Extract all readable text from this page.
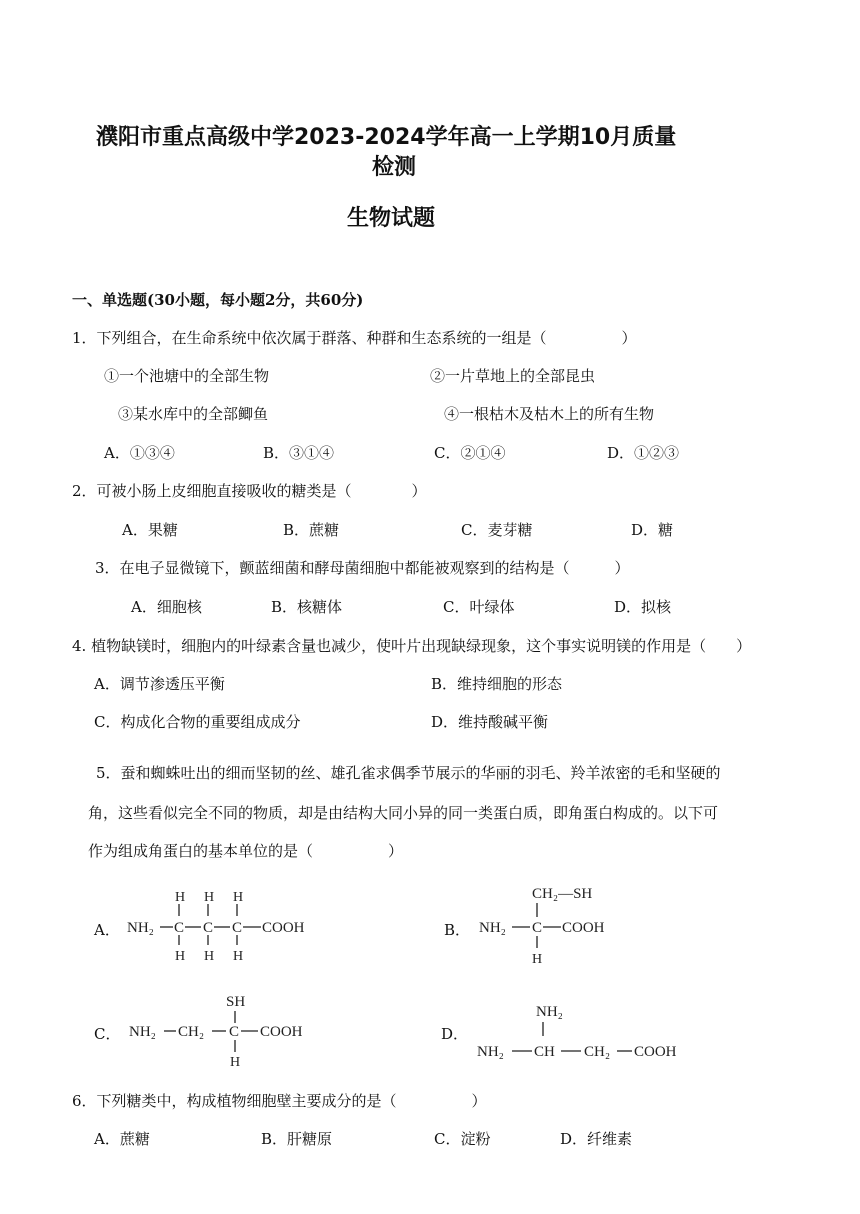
濮阳市重点高级中学2023-2024学年高一上学期10月质量
检测
生物试题
一、单选题(30小题，每小题2分，共60分)
1．下列组合，在生命系统中依次属于群落、种群和生态系统的一组是（　　　　　）
①一个池塘中的全部生物	②一片草地上的全部昆虫
③某水库中的全部鲫鱼	④一根枯木及枯木上的所有生物
A．①③④	B．③①④	C．②①④	D．①②③
2．可被小肠上皮细胞直接吸收的糖类是（　　　　）
A．果糖	B．蔗糖	C．麦芽糖	D．糖
3．在电子显微镜下，颤蓝细菌和酵母菌细胞中都能被观察到的结构是（　　　）
A．细胞核	B．核糖体	C．叶绿体	D．拟核
4. 植物缺镁时，细胞内的叶绿素含量也减少，使叶片出现缺绿现象，这个事实说明镁的作用是（　　）
A．调节渗透压平衡	B．维持细胞的形态
C．构成化合物的重要组成成分	D．维持酸碱平衡
5．蚕和蜘蛛吐出的细而坚韧的丝、雄孔雀求偶季节展示的华丽的羽毛、羚羊浓密的毛和坚硬的
角，这些看似完全不同的物质，却是由结构大同小异的同一类蛋白质，即角蛋白构成的。以下可
作为组成角蛋白的基本单位的是（　　　　　）
A．	B．
C．	D．
NH₂ C C C COOH
H H H
H H H
CH₂—SH
NH₂ C COOH
H
SH
NH₂ CH₂ C COOH
H
NH₂
NH₂ CH CH₂ COOH
6．下列糖类中，构成植物细胞壁主要成分的是（　　　　　）
A．蔗糖	B．肝糖原	C．淀粉	D．纤维素
